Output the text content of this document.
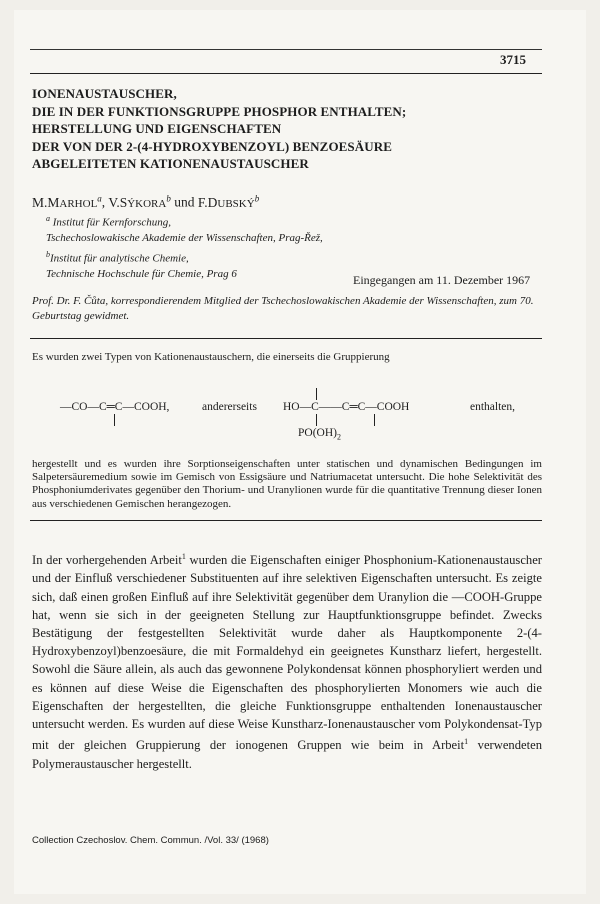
3715
IONENAUSTAUSCHER,
DIE IN DER FUNKTIONSGRUPPE PHOSPHOR ENTHALTEN;
HERSTELLUNG UND EIGENSCHAFTEN
DER VON DER 2-(4-HYDROXYBENZOYL) BENZOESÄURE
ABGELEITETEN KATIONENAUSTAUSCHER
M.MARHOL$^a$, V.SÝKORA$^b$ und F.DUBSKÝ$^b$
$^a$ Institut für Kernforschung,
Tschechoslowakische Akademie der Wissenschaften, Prag-Řež,
$^b$Institut für analytische Chemie,
Technische Hochschule für Chemie, Prag 6	Eingegangen am 11. Dezember 1967
Prof. Dr. F. Čůta, korrespondierendem Mitglied der Tschechoslowakischen Akademie der Wissenschaften, zum 70. Geburtstag gewidmet.
Es wurden zwei Typen von Kationenaustauschern, die einerseits die Gruppierung
—CO—C═C—COOH,	andererseits HO—C——C═C—COOH
$PO(OH)_2$
enthalten,
hergestellt und es wurden ihre Sorptionseigenschaften unter statischen und dynamischen Bedingungen im Salpetersäuremedium sowie im Gemisch von Essigsäure und Natriumacetat untersucht. Die hohe Selektivität des Phosphoniumderivates gegenüber den Thorium- und Uranylionen wurde für die quantitative Trennung dieser Ionen aus verschiedenen Gemischen herangezogen.
In der vorhergehenden Arbeit$^1$ wurden die Eigenschaften einiger Phosphonium-Kationenaustauscher und der Einfluß verschiedener Substituenten auf ihre selektiven Eigenschaften untersucht. Es zeigte sich, daß einen großen Einfluß auf ihre Selektivität gegenüber dem Uranylion die —COOH-Gruppe hat, wenn sie sich in der geeigneten Stellung zur Hauptfunktionsgruppe befindet. Zwecks Bestätigung der festgestellten Selektivität wurde daher als Hauptkomponente 2-(4-Hydroxybenzoyl)benzoesäure, die mit Formaldehyd ein geeignetes Kunstharz liefert, hergestellt. Sowohl die Säure allein, als auch das gewonnene Polykondensat können phosphoryliert werden und es können auf diese Weise die Eigenschaften des phosphorylierten Monomers wie auch die Eigenschaften der hergestellten, die gleiche Funktionsgruppe enthaltenden Ionenaustauscher untersucht werden. Es wurden auf diese Weise Kunstharz-Ionenaustauscher vom Polykondensat-Typ mit der gleichen Gruppierung der ionogenen Gruppen wie beim in Arbeit$^1$ verwendeten Polymeraustauscher hergestellt.
Collection Czechoslov. Chem. Commun. /Vol. 33/ (1968)
